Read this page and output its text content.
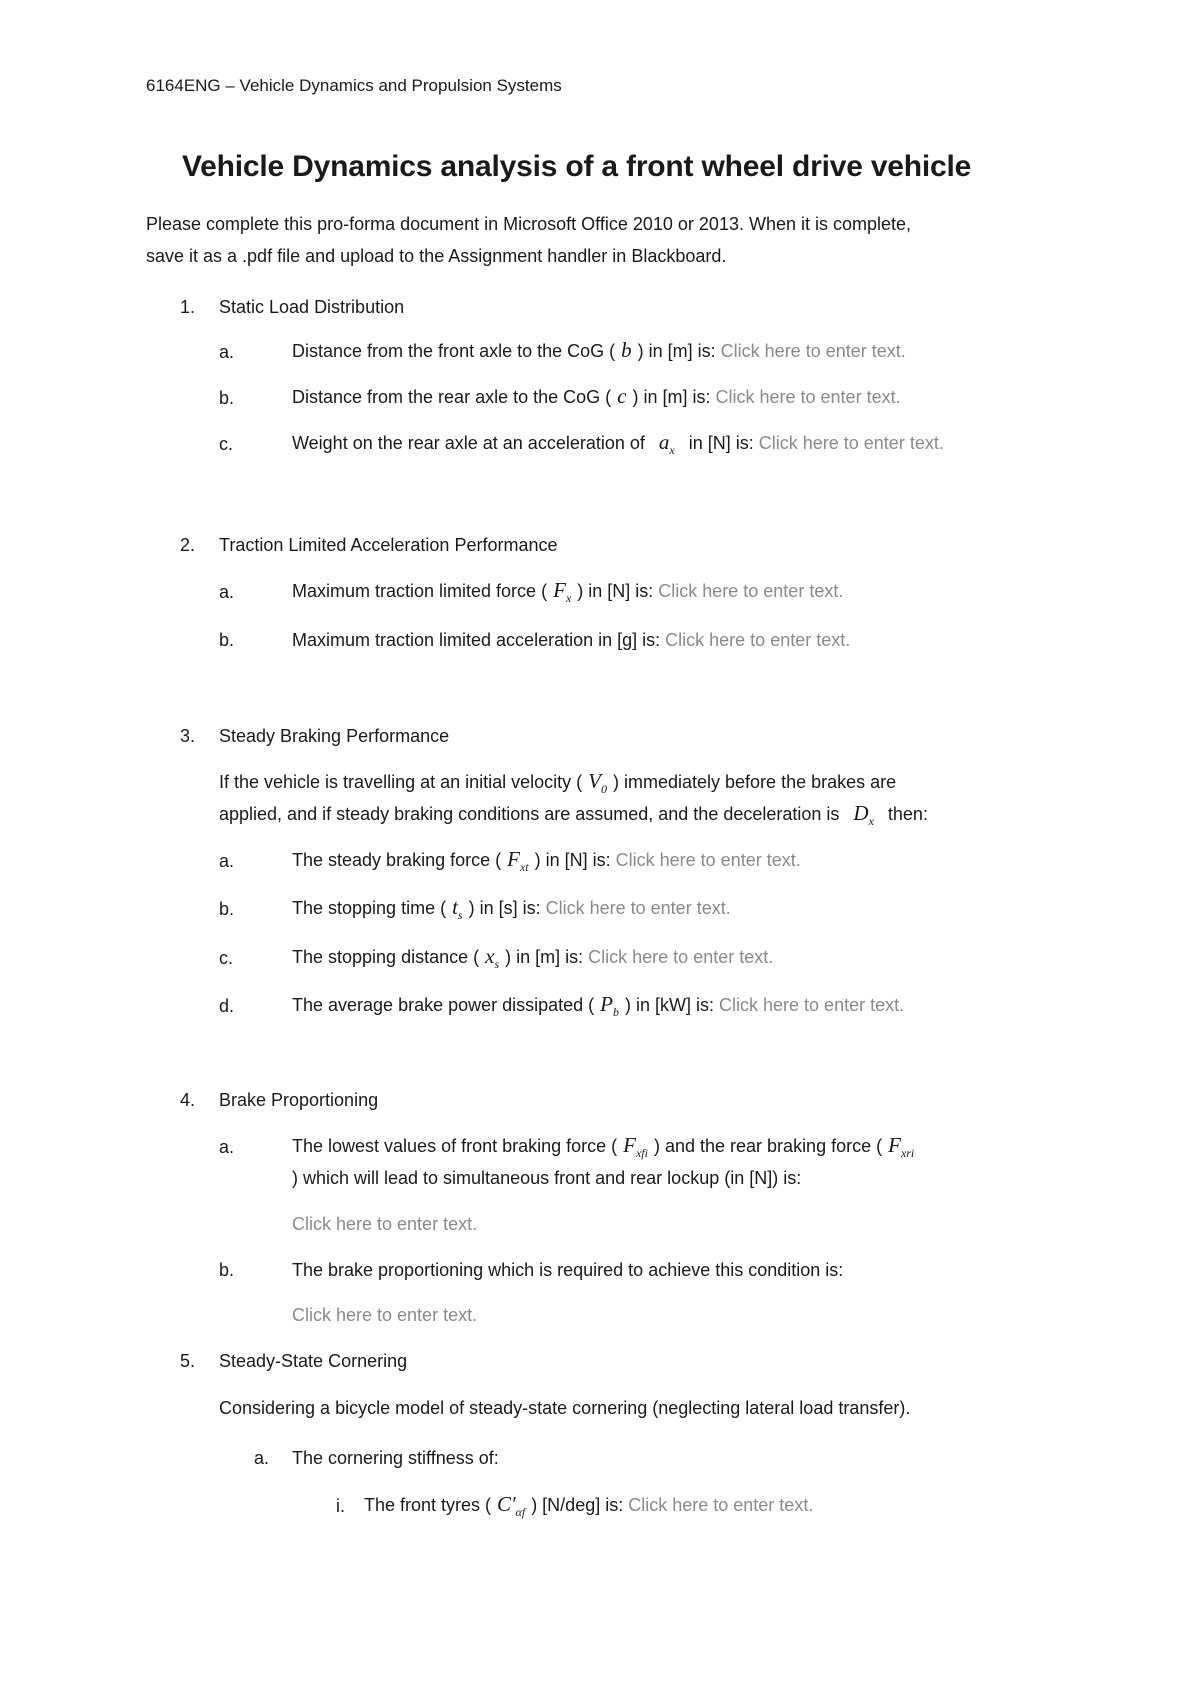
6164ENG – Vehicle Dynamics and Propulsion Systems
Vehicle Dynamics analysis of a front wheel drive vehicle
Please complete this pro-forma document in Microsoft Office 2010 or 2013. When it is complete,
save it as a .pdf file and upload to the Assignment handler in Blackboard.
1. Static Load Distribution
a.	Distance from the front axle to the CoG ( b ) in [m] is: Click here to enter text.
b.	Distance from the rear axle to the CoG ( c ) in [m] is: Click here to enter text.
c.	Weight on the rear axle at an acceleration of $a_x$ in [N] is: Click here to enter text.
2. Traction Limited Acceleration Performance
a.	Maximum traction limited force ( $F_x$ ) in [N] is: Click here to enter text.
b.	Maximum traction limited acceleration in [g] is: Click here to enter text.
3. Steady Braking Performance
If the vehicle is travelling at an initial velocity ( $V_0$ ) immediately before the brakes are
applied, and if steady braking conditions are assumed, and the deceleration is $D_x$ then:
a.	The steady braking force ( $F_{xt}$ ) in [N] is: Click here to enter text.
b.	The stopping time ( $t_s$ ) in [s] is: Click here to enter text.
c.	The stopping distance ( $x_s$ ) in [m] is: Click here to enter text.
d.	The average brake power dissipated ( $P_b$ ) in [kW] is: Click here to enter text.
4. Brake Proportioning
a.	The lowest values of front braking force ( $F_{xfi}$ ) and the rear braking force ( $F_{xri}$
) which will lead to simultaneous front and rear lockup (in [N]) is:
Click here to enter text.
b.	The brake proportioning which is required to achieve this condition is:
Click here to enter text.
5. Steady-State Cornering
Considering a bicycle model of steady-state cornering (neglecting lateral load transfer).
a. The cornering stiffness of:
i. The front tyres ( $C'_{\alpha f}$ ) [N/deg] is: Click here to enter text.
